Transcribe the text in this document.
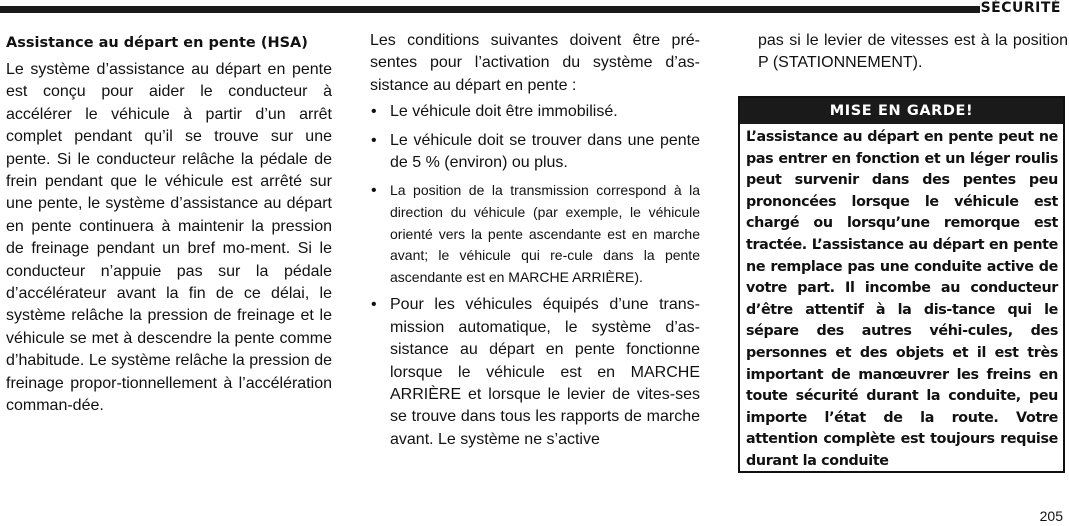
SÉCURITÉ
Assistance au départ en pente (HSA)

Le système d’assistance au départ en pente est conçu pour aider le conducteur à accélérer le véhicule à partir d’un arrêt complet pendant qu’il se trouve sur une pente. Si le conducteur relâche la pédale de frein pendant que le véhicule est arrêté sur une pente, le système d’assistance au départ en pente continuera à maintenir la pression de freinage pendant un bref mo-ment. Si le conducteur n’appuie pas sur la pédale d’accélérateur avant la fin de ce délai, le système relâche la pression de freinage et le véhicule se met à descendre la pente comme d’habitude. Le système relâche la pression de freinage propor-tionnellement à l’accélération comman-dée.

Les conditions suivantes doivent être pré-sentes pour l’activation du système d’as-sistance au départ en pente :

• Le véhicule doit être immobilisé.
• Le véhicule doit se trouver dans une pente de 5 % (environ) ou plus.
• La position de la transmission correspond à la direction du véhicule (par exemple, le véhicule orienté vers la pente ascendante est en marche avant; le véhicule qui re-cule dans la pente ascendante est en MARCHE ARRIÈRE).
• Pour les véhicules équipés d’une trans-mission automatique, le système d’as-sistance au départ en pente fonctionne lorsque le véhicule est en MARCHE ARRIÈRE et lorsque le levier de vites-ses se trouve dans tous les rapports de marche avant. Le système ne s’active

pas si le levier de vitesses est à la position P (STATIONNEMENT).

MISE EN GARDE!

L’assistance au départ en pente peut ne pas entrer en fonction et un léger roulis peut survenir dans des pentes peu prononcées lorsque le véhicule est chargé ou lorsqu’une remorque est tractée. L’assistance au départ en pente ne remplace pas une conduite active de votre part. Il incombe au conducteur d’être attentif à la dis-tance qui le sépare des autres véhi-cules, des personnes et des objets et il est très important de manœuvrer les freins en toute sécurité durant la conduite, peu importe l’état de la route. Votre attention complète est toujours requise durant la conduite

205
